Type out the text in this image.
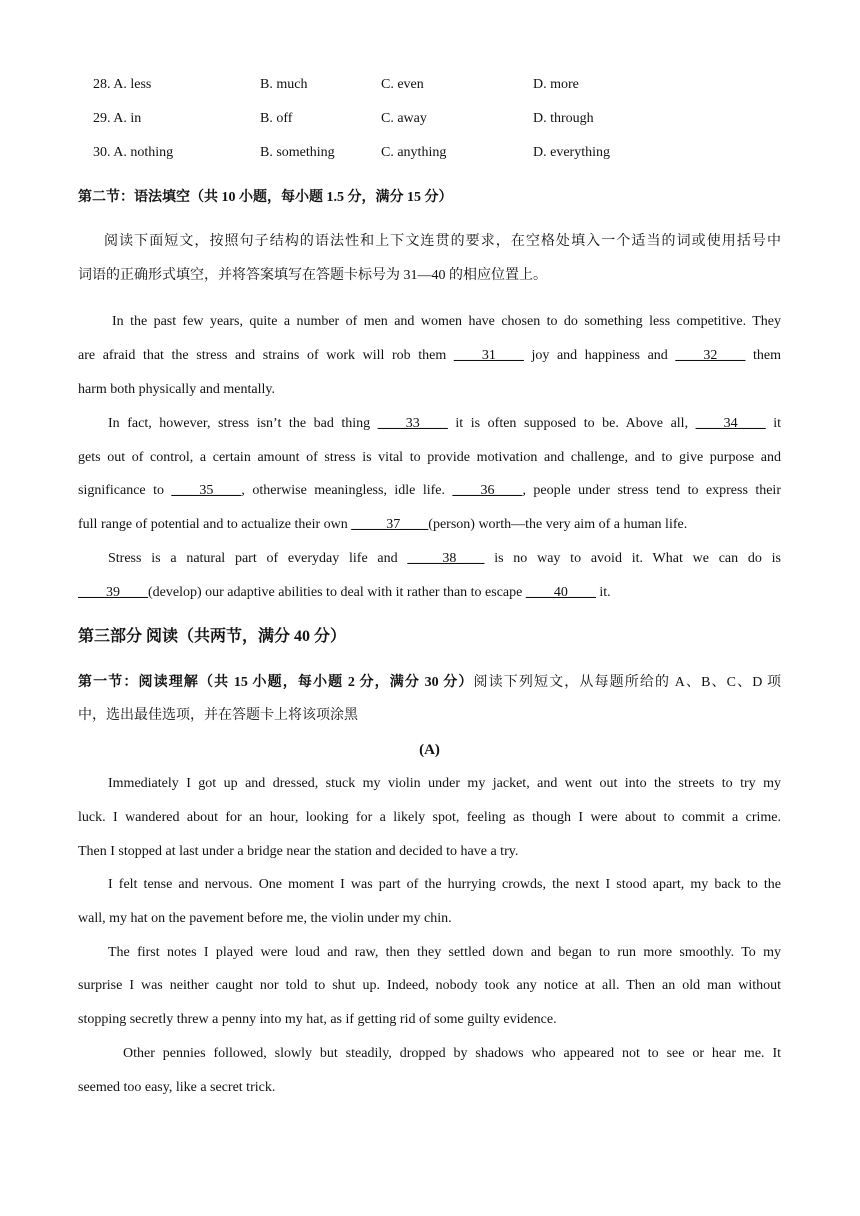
28. A. less	B. much	C. even	D. more
29. A. in	B. off	C. away	D. through
30. A. nothing	B. something	C. anything	D. everything
第二节：语法填空（共 10 小题，每小题 1.5 分，满分 15 分）
阅读下面短文，按照句子结构的语法性和上下文连贯的要求，在空格处填入一个适当的词或使用括号中
词语的正确形式填空，并将答案填写在答题卡标号为 31—40 的相应位置上。
In the past few years, quite a number of men and women have chosen to do something less competitive. They
are afraid that the stress and strains of work will rob them ____31____ joy and happiness and ____32____ them
harm both physically and mentally.
In fact, however, stress isn’t the bad thing ____33____ it is often supposed to be. Above all, ____34____ it
gets out of control, a certain amount of stress is vital to provide motivation and challenge, and to give purpose and
significance to ____35____, otherwise meaningless, idle life. ____36____, people under stress tend to express their
full range of potential and to actualize their own _____37____(person) worth—the very aim of a human life.
Stress is a natural part of everyday life and _____38____ is no way to avoid it. What we can do is
____39____(develop) our adaptive abilities to deal with it rather than to escape ____40____ it.
第三部分 阅读（共两节，满分 40 分）
第一节：阅读理解（共 15 小题，每小题 2 分，满分 30 分）阅读下列短文，从每题所给的 A、B、C、D 项
中，选出最佳选项，并在答题卡上将该项涂黑
(A)
Immediately I got up and dressed, stuck my violin under my jacket, and went out into the streets to try my
luck. I wandered about for an hour, looking for a likely spot, feeling as though I were about to commit a crime.
Then I stopped at last under a bridge near the station and decided to have a try.
I felt tense and nervous. One moment I was part of the hurrying crowds, the next I stood apart, my back to the
wall, my hat on the pavement before me, the violin under my chin.
The first notes I played were loud and raw, then they settled down and began to run more smoothly. To my
surprise I was neither caught nor told to shut up. Indeed, nobody took any notice at all. Then an old man without
stopping secretly threw a penny into my hat, as if getting rid of some guilty evidence.
Other pennies followed, slowly but steadily, dropped by shadows who appeared not to see or hear me. It
seemed too easy, like a secret trick.
